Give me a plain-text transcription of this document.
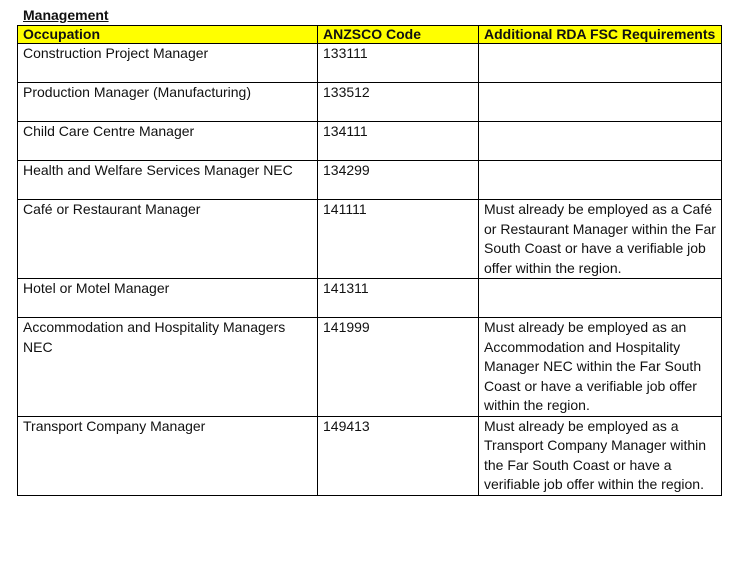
Management
Occupation	ANZSCO Code	Additional RDA FSC Requirements
Construction Project Manager	133111	
Production Manager (Manufacturing)	133512	
Child Care Centre Manager	134111	
Health and Welfare Services Manager NEC	134299	
Café or Restaurant Manager	141111	Must already be employed as a Café or Restaurant Manager within the Far South Coast or have a verifiable job offer within the region.
Hotel or Motel Manager	141311	
Accommodation and Hospitality Managers NEC	141999	Must already be employed as an Accommodation and Hospitality Manager NEC within the Far South Coast or have a verifiable job offer within the region.
Transport Company Manager	149413	Must already be employed as a Transport Company Manager within the Far South Coast or have a verifiable job offer within the region.
